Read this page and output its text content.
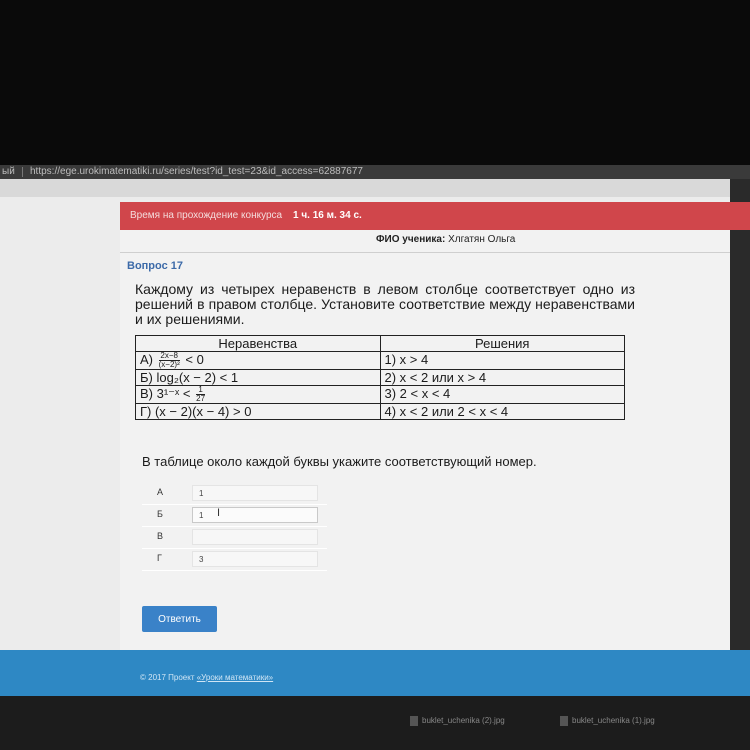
ый	https://ege.urokimatematiki.ru/series/test?id_test=23&id_access=62887677
Время на прохождение конкурса 1 ч. 16 м. 34 с.
ФИО ученика: Хлгатян Ольга
Вопрос 17
Каждому из четырех неравенств в левом столбце соответствует одно из решений в правом столбце. Установите соответствие между неравенствами и их решениями.
Неравенства	Решения
$А) \frac{2x-8}{\text{(x−2)²}} < 0$	1) x > 4
Б) log₂(x − 2) < 1	2) x < 2 или x > 4
В) 3¹⁻ˣ < $\frac{1}{27}$	3) 2 < x < 4
Г) (x − 2)(x − 4) > 0	4) x < 2 или 2 < x < 4
В таблице около каждой буквы укажите соответствующий номер.
А	1
Б	1	I
В
Г	3
Ответить
© 2017 Проект «Уроки математики»
buklet_uchenika (2).jpg	buklet_uchenika (1).jpg
